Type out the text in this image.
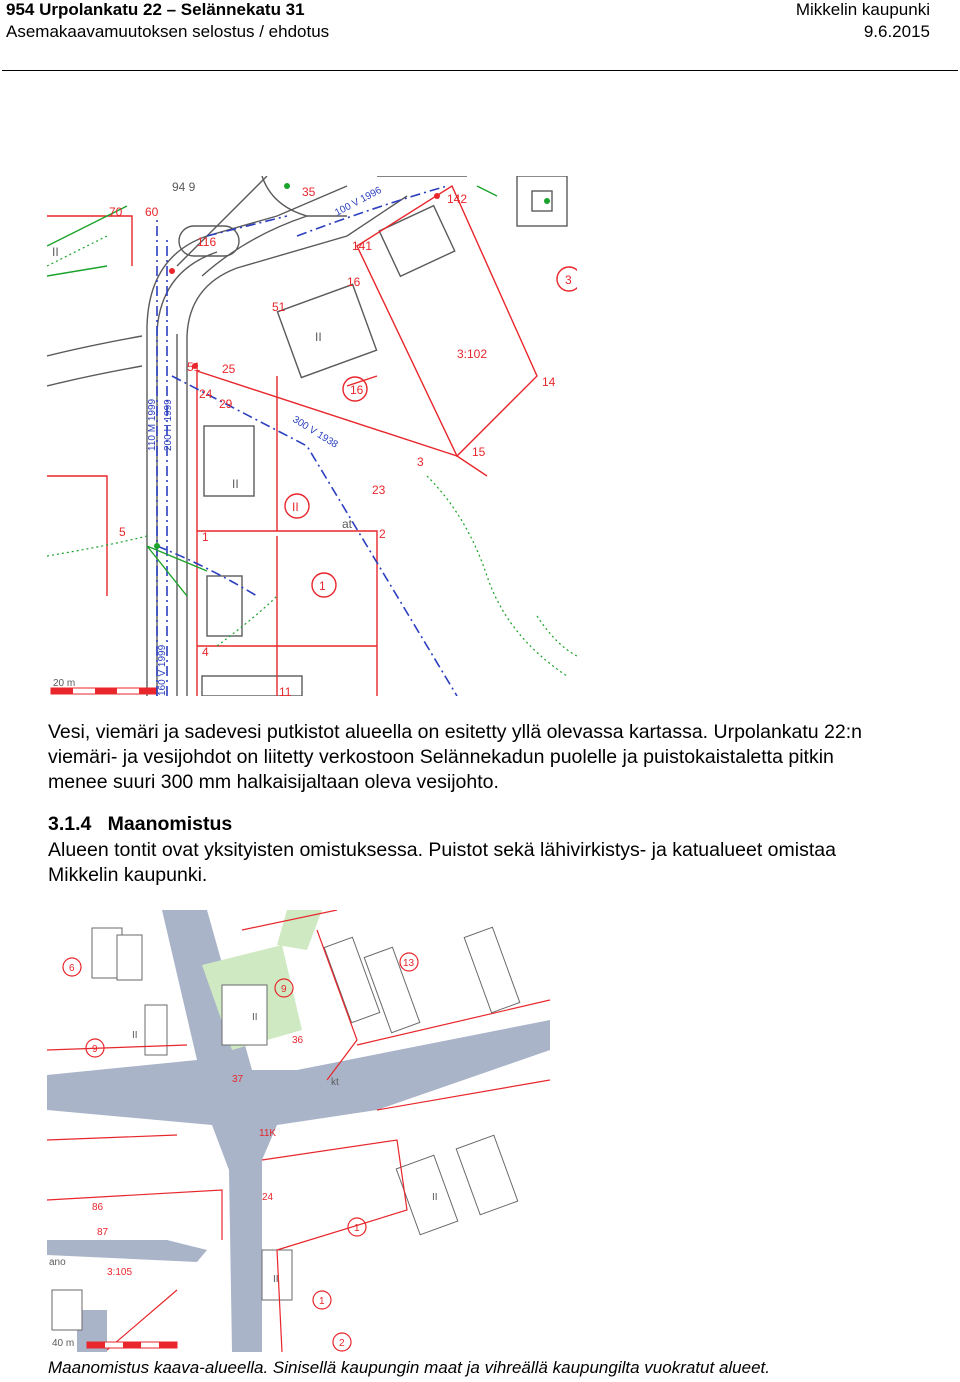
954 Urpolankatu 22 – Selännekatu 31	Mikkelin kaupunki
Asemakaavamuutoksen selostus / ehdotus	9.6.2015
16
II
1
3
35
70 60
116
51
51 25
24
29
23
3
15
141
16
142
3:102
14
2
1
11
4
5
at
II
II
II
94 9
110 M 1999 200 H 1999	300 V 1938
100 V 1996
160 V 1999
20 m
Vesi, viemäri ja sadevesi putkistot alueella on esitetty yllä olevassa kartassa. Urpolankatu 22:n
viemäri- ja vesijohdot on liitetty verkostoon Selännekadun puolelle ja puistokaistaletta pitkin
menee suuri 300 mm halkaisijaltaan oleva vesijohto.
3.1.4 Maanomistus
Alueen tontit ovat yksityisten omistuksessa. Puistot sekä lähivirkistys- ja katualueet omistaa
Mikkelin kaupunki.
6
9
9
13
1
36
37
11K
86
87
24
3:105
1
2
II
II
II
II
kt
ano
40 m
Maanomistus kaava-alueella. Sinisellä kaupungin maat ja vihreällä kaupungilta vuokratut alueet.
